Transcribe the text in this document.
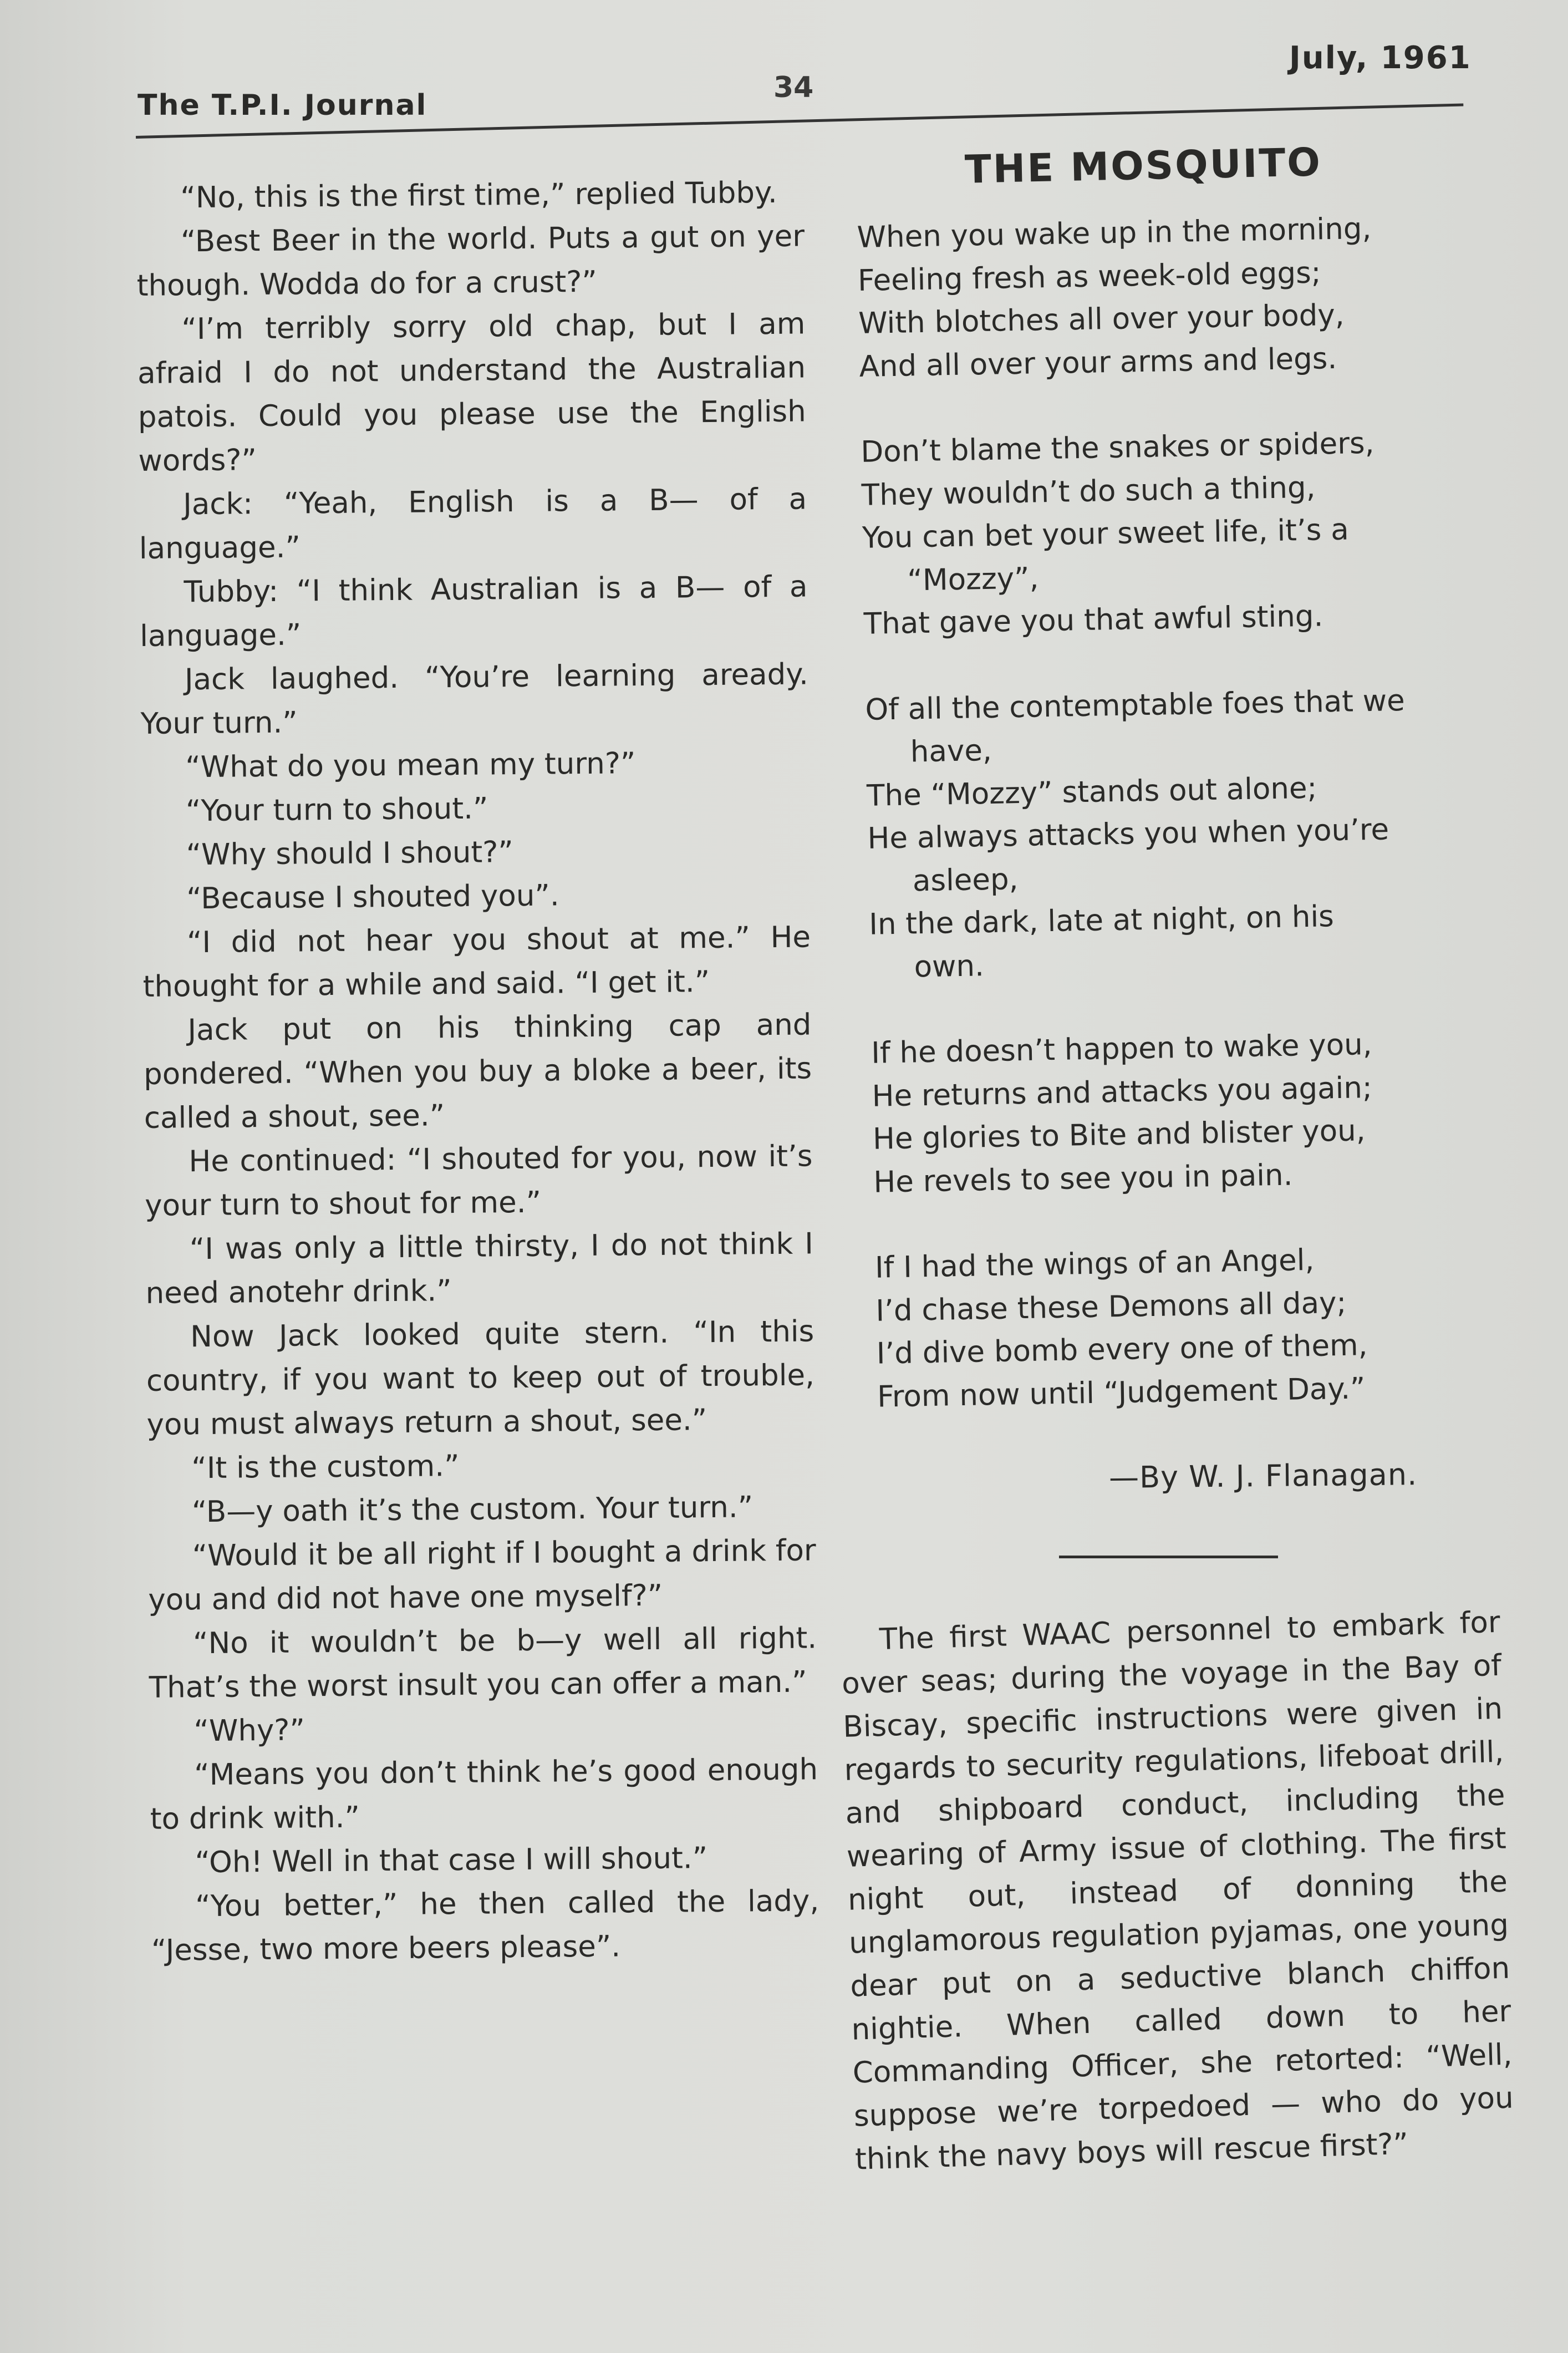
The T.P.I. Journal
34
July, 1961

“No, this is the first time,” replied Tubby.

“Best Beer in the world. Puts a gut on yer though. Wodda do for a crust?”

“I’m terribly sorry old chap, but I am afraid I do not understand the Australian patois. Could you please use the English words?”

Jack: “Yeah, English is a B— of a language.”

Tubby: “I think Australian is a B— of a language.”

Jack laughed. “You’re learning aready. Your turn.”

“What do you mean my turn?”

“Your turn to shout.”

“Why should I shout?”

“Because I shouted you”.

“I did not hear you shout at me.” He thought for a while and said. “I get it.”

Jack put on his thinking cap and pondered. “When you buy a bloke a beer, its called a shout, see.”

He continued: “I shouted for you, now it’s your turn to shout for me.”

“I was only a little thirsty, I do not think I need anotehr drink.”

Now Jack looked quite stern. “In this country, if you want to keep out of trouble, you must always return a shout, see.”

“It is the custom.”

“B—y oath it’s the custom. Your turn.”

“Would it be all right if I bought a drink for you and did not have one myself?”

“No it wouldn’t be b—y well all right. That’s the worst insult you can offer a man.”

“Why?”

“Means you don’t think he’s good enough to drink with.”

“Oh! Well in that case I will shout.”

“You better,” he then called the lady, “Jesse, two more beers please”.

THE MOSQUITO
When you wake up in the morning,
Feeling fresh as week-old eggs;
With blotches all over your body,
And all over your arms and legs.
Don’t blame the snakes or spiders,
They wouldn’t do such a thing,
You can bet your sweet life, it’s a
“Mozzy”,
That gave you that awful sting.
Of all the contemptable foes that we
have,
The “Mozzy” stands out alone;
He always attacks you when you’re
asleep,
In the dark, late at night, on his
own.
If he doesn’t happen to wake you,
He returns and attacks you again;
He glories to Bite and blister you,
He revels to see you in pain.
If I had the wings of an Angel,
I’d chase these Demons all day;
I’d dive bomb every one of them,
From now until “Judgement Day.”
—By W. J. Flanagan.

The first WAAC personnel to embark for over seas; during the voyage in the Bay of Biscay, specific instructions were given in regards to security regulations, lifeboat drill, and shipboard conduct, including the wearing of Army issue of clothing. The first night out, instead of donning the unglamorous regulation pyjamas, one young dear put on a seductive blanch chiffon nightie. When called down to her Commanding Officer, she retorted: “Well, suppose we’re torpedoed — who do you think the navy boys will rescue first?”
